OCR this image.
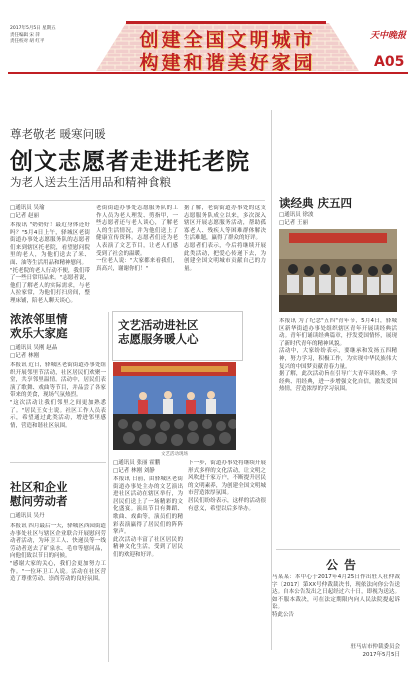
2017年5月5日 星期五
责任编辑 宋 萍
责任校对 胡 红平	创建全国文明城市
构建和谐美好家园
天中晚报
A05
尊老敬老 暖寒问暖
创文志愿者走进托老院
为老人送去生活用品和精神食粮
□通讯员 吴瑜
□记者 赵丽
本报讯 "奶奶好！最近身体还好吗？"5月4日上午，驿城区老街街道办事处志愿服务队的志愿者们来到辖区托老院，看望慰问院里的老人，为他们送去了米、面、油等生活用品和精神慰问。
"托老院的老人行动不便，我们带了一些日常用品来。"志愿者说，他们了解老人的实际需求，与老人拉家常，为他们打扫房间，整理床铺，陪老人聊天谈心。
老街街道办事处志愿服务队的工作人员为老人理发、剪指甲，一些志愿者还与老人谈心，了解老人的生活情况，并为他们送上了健康宣传资料。志愿者们还为老人表演了文艺节目，让老人们感受到了社会的温暖。
一位老人说："大家都来看我们，真高兴，谢谢你们！"
据了解，老街街道办事处的这支志愿服务队成立以来，多次深入辖区开展志愿服务活动，帮助孤寡老人、残疾人等困难群体解决生活难题，赢得了群众的好评。
志愿者们表示，今后将继续开展此类活动，把爱心传递下去，为创建全国文明城市贡献自己的力量。
浓浓邻里情
欢乐大家庭
□通讯员 吴刚 赵晶
□记者 林刚
本报讯 近日，驿城区老街街道办事处组织开展邻里节活动，社区居民们欢聚一堂，共享邻里温情。活动中，居民们表演了歌舞、戏曲等节目，并品尝了各家带来的美食，现场气氛热烈。
"这次活动让我们邻里之间更加熟悉了。"居民王女士说。社区工作人员表示，希望通过此类活动，增进邻里感情，营造和谐社区氛围。
社区和企业
慰问劳动者
□通讯员 吴丹
本报讯 四月最后一天，驿城区西园街道办事处社区与辖区企业联合开展慰问劳动者活动，为环卫工人、快递员等一线劳动者送去了矿泉水、毛巾等慰问品，向他们致以节日的问候。
"感谢大家的关心，我们会更加努力工作。"一位环卫工人说。活动在社区营造了尊重劳动、崇尚劳动的良好氛围。
文艺活动进社区
志愿服务暖人心
文艺活动现场
□通讯员 张丽 霍鹏
□记者 林刚 刘静
本报讯 日前，由驿城区老街街道办事处主办的文艺演出进社区活动在辖区举行，为居民们送上了一场精彩的文化盛宴。演出节目有舞蹈、歌曲、戏曲等，演员们的精彩表演赢得了居民们的阵阵掌声。
此次活动丰富了社区居民的精神文化生活，受到了居民们的欢迎和好评。
下一步，街道办事处将继续开展形式多样的文化活动，让文明之风吹进千家万户，不断提升居民的文明素养，为创建全国文明城市营造浓厚氛围。
居民们纷纷表示，这样的活动很有意义，希望以后多举办。
读经典 庆五四
□通讯员 徐波
□记者 王丽
本报讯 为了纪念"五四"青年节，5月4日，驿城区新华街道办事处组织辖区青年开展读经典活动。青年们诵读经典篇章，抒发爱国情怀，展现了新时代青年的精神风貌。
活动中，大家纷纷表示，要继承和发扬五四精神，努力学习，积极工作，为实现中华民族伟大复兴的中国梦贡献青春力量。
据了解，此次活动旨在引导广大青年读经典、学经典、用经典，进一步增强文化自信，激发爱国热情，营造浓厚的学习氛围。
公告
马某某：本中心于2017年4月25日作出驻人社仲裁字〔2017〕第XX号仲裁裁决书，现依法向你公告送达。自本公告发出之日起经过六十日，即视为送达。如不服本裁决，可在法定期限内向人民法院提起诉讼。
特此公告
驻马店市仲裁委员会
2017年5月5日
